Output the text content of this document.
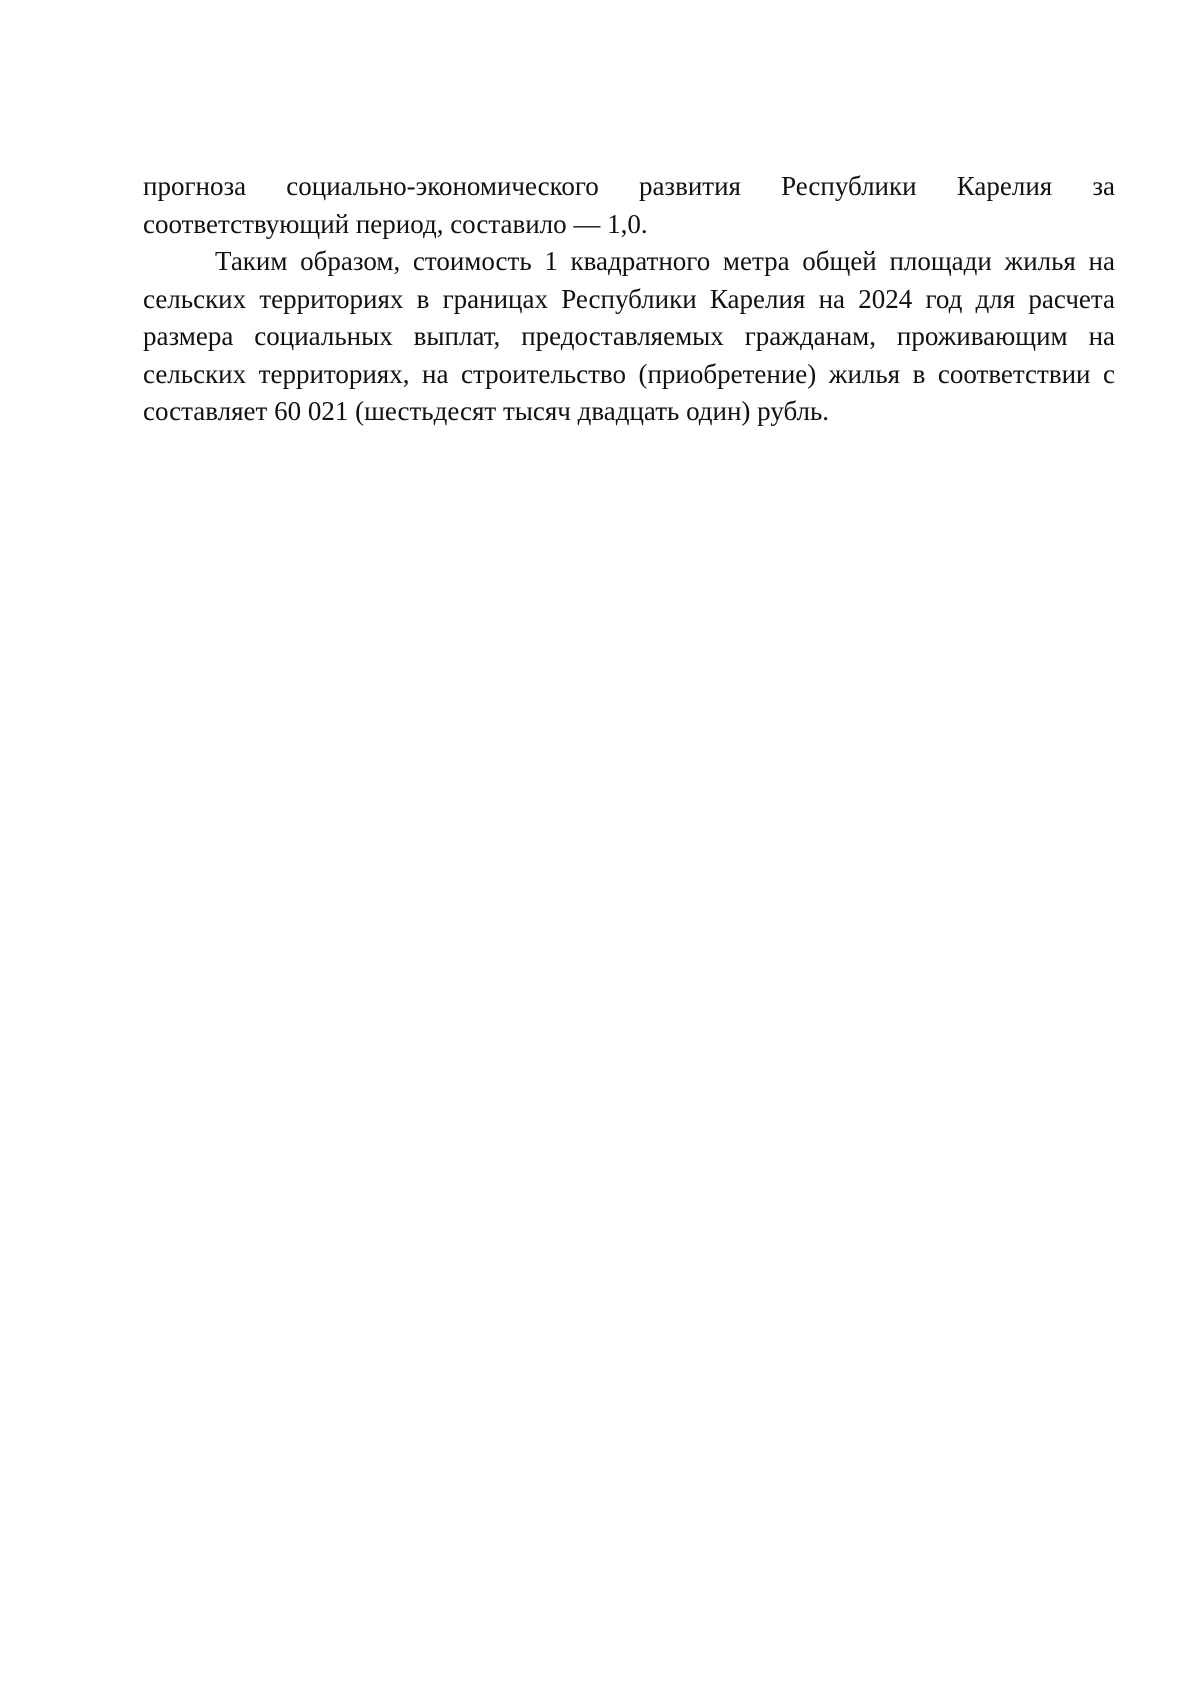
прогноза социально-экономического развития Республики Карелия за
соответствующий период, составило — 1,0.

Таким образом, стоимость 1 квадратного метра общей площади жилья на
сельских территориях в границах Республики Карелия на 2024 год для расчета
размера социальных выплат, предоставляемых гражданам, проживающим на
сельских территориях, на строительство (приобретение) жилья в соответствии с
составляет 60 021 (шестьдесят тысяч двадцать один) рубль.
